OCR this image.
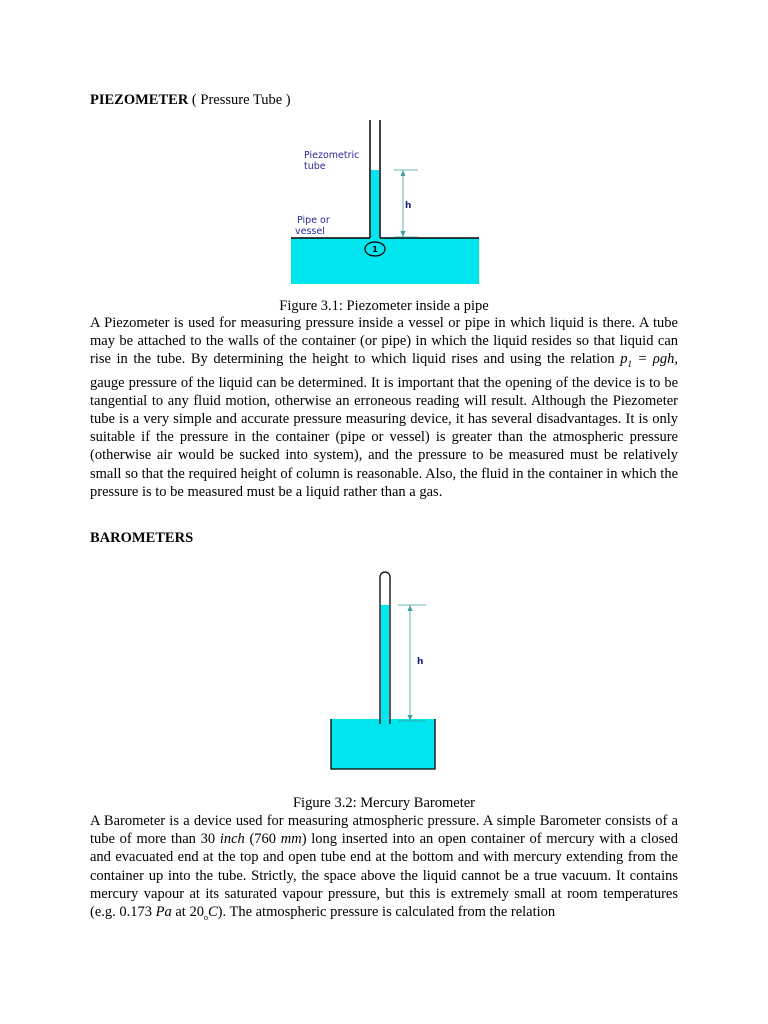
PIEZOMETER ( Pressure Tube )
h
Piezometric
tube
Pipe or
vessel
1
Figure 3.1: Piezometer inside a pipe
A Piezometer is used for measuring pressure inside a vessel or pipe in which liquid is there. A tube may be attached to the walls of the container (or pipe) in which the liquid resides so that liquid can rise in the tube. By determining the height to which liquid rises and using the relation $p_1 = \rho gh$, gauge pressure of the liquid can be determined. It is important that the opening of the device is to be tangential to any fluid motion, otherwise an erroneous reading will result. Although the Piezometer tube is a very simple and accurate pressure measuring device, it has several disadvantages. It is only suitable if the pressure in the container (pipe or vessel) is greater than the atmospheric pressure (otherwise air would be sucked into system), and the pressure to be measured must be relatively small so that the required height of column is reasonable. Also, the fluid in the container in which the pressure is to be measured must be a liquid rather than a gas.
BAROMETERS
h
Figure 3.2: Mercury Barometer
A Barometer is a device used for measuring atmospheric pressure. A simple Barometer consists of a tube of more than 30 inch (760 mm) long inserted into an open container of mercury with a closed and evacuated end at the top and open tube end at the bottom and with mercury extending from the container up into the tube. Strictly, the space above the liquid cannot be a true vacuum. It contains mercury vapour at its saturated vapour pressure, but this is extremely small at room temperatures (e.g. 0.173 Pa at $20_oC$). The atmospheric pressure is calculated from the relation
